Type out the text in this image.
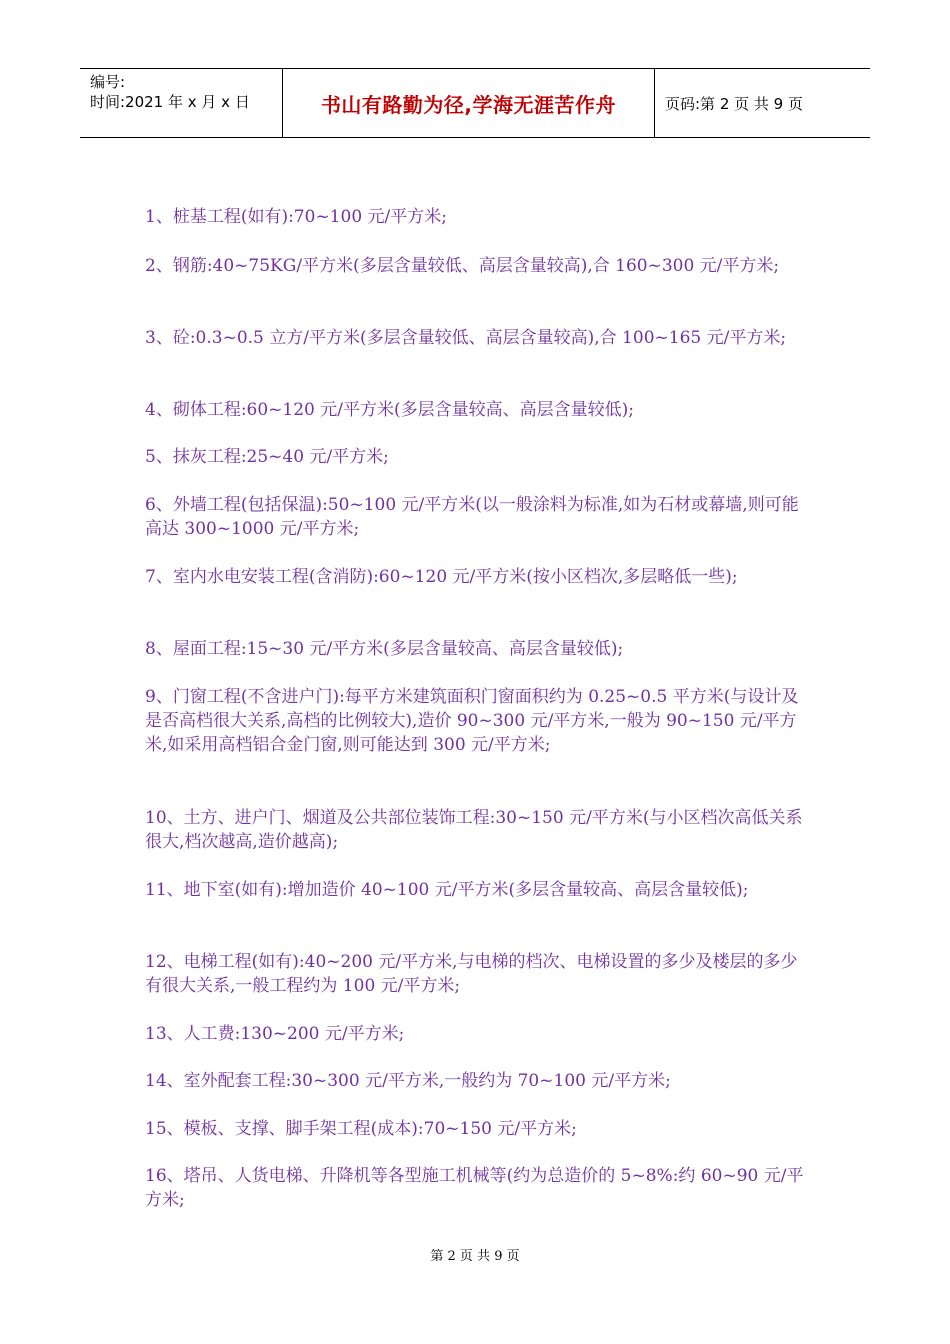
编号:
时间:2021 年 x 月 x 日	书山有路勤为径,学海无涯苦作舟	页码:第 2 页 共 9 页
1、桩基工程(如有):70~100 元/平方米;
2、钢筋:40~75KG/平方米(多层含量较低、高层含量较高),合 160~300 元/平方米;
3、砼:0.3~0.5 立方/平方米(多层含量较低、高层含量较高),合 100~165 元/平方米;
4、砌体工程:60~120 元/平方米(多层含量较高、高层含量较低);
5、抹灰工程:25~40 元/平方米;
6、外墙工程(包括保温):50~100 元/平方米(以一般涂料为标准,如为石材或幕墙,则可能高达 300~1000 元/平方米;
7、室内水电安装工程(含消防):60~120 元/平方米(按小区档次,多层略低一些);
8、屋面工程:15~30 元/平方米(多层含量较高、高层含量较低);
9、门窗工程(不含进户门):每平方米建筑面积门窗面积约为 0.25~0.5 平方米(与设计及是否高档很大关系,高档的比例较大),造价 90~300 元/平方米,一般为 90~150 元/平方米,如采用高档铝合金门窗,则可能达到 300 元/平方米;
10、土方、进户门、烟道及公共部位装饰工程:30~150 元/平方米(与小区档次高低关系很大,档次越高,造价越高);
11、地下室(如有):增加造价 40~100 元/平方米(多层含量较高、高层含量较低);
12、电梯工程(如有):40~200 元/平方米,与电梯的档次、电梯设置的多少及楼层的多少有很大关系,一般工程约为 100 元/平方米;
13、人工费:130~200 元/平方米;
14、室外配套工程:30~300 元/平方米,一般约为 70~100 元/平方米;
15、模板、支撑、脚手架工程(成本):70~150 元/平方米;
16、塔吊、人货电梯、升降机等各型施工机械等(约为总造价的 5~8%:约 60~90 元/平方米;
第 2 页 共 9 页
